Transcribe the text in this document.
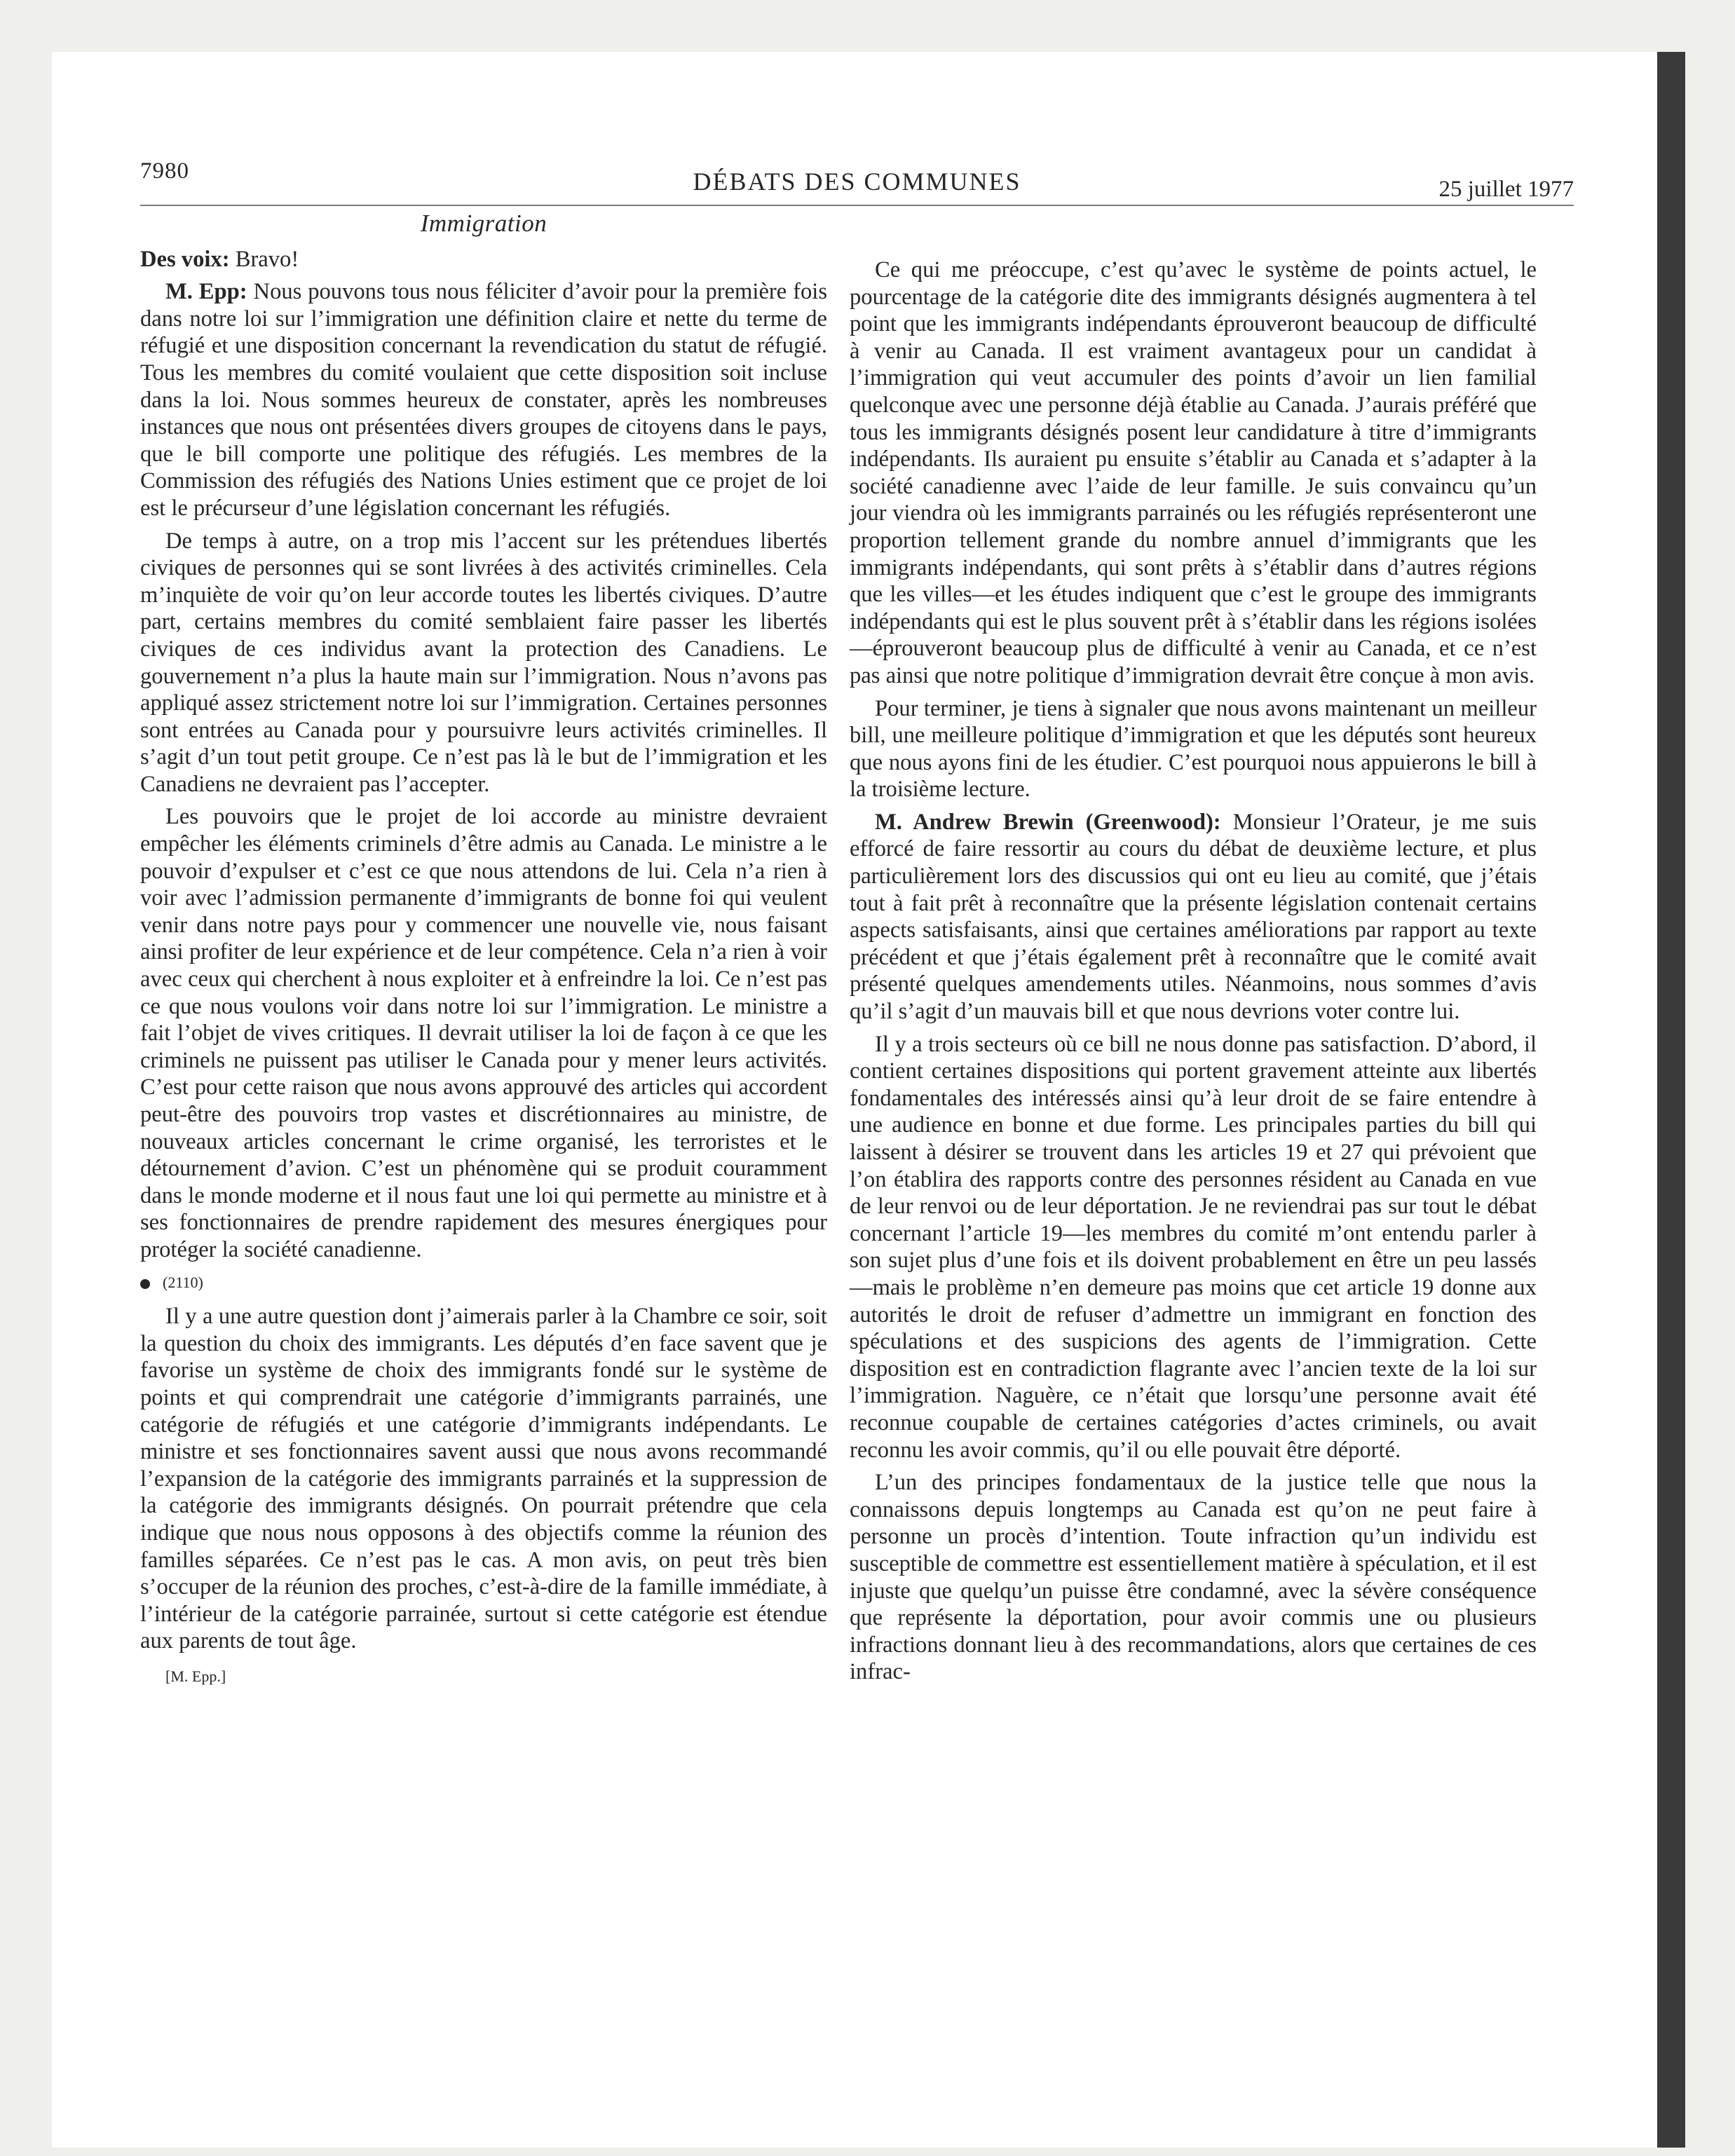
7980	DÉBATS DES COMMUNES	25 juillet 1977
Immigration

Des voix: Bravo!

M. Epp: Nous pouvons tous nous féliciter d’avoir pour la première fois dans notre loi sur l’immigration une définition claire et nette du terme de réfugié et une disposition concernant la revendication du statut de réfugié. Tous les membres du comité voulaient que cette disposition soit incluse dans la loi. Nous sommes heureux de constater, après les nombreuses instances que nous ont présentées divers groupes de citoyens dans le pays, que le bill comporte une politique des réfugiés. Les membres de la Commission des réfugiés des Nations Unies estiment que ce projet de loi est le précurseur d’une législation concernant les réfugiés.

De temps à autre, on a trop mis l’accent sur les prétendues libertés civiques de personnes qui se sont livrées à des activités criminelles. Cela m’inquiète de voir qu’on leur accorde toutes les libertés civiques. D’autre part, certains membres du comité semblaient faire passer les libertés civiques de ces individus avant la protection des Canadiens. Le gouvernement n’a plus la haute main sur l’immigration. Nous n’avons pas appliqué assez strictement notre loi sur l’immigration. Certaines personnes sont entrées au Canada pour y poursuivre leurs activités criminelles. Il s’agit d’un tout petit groupe. Ce n’est pas là le but de l’immigration et les Canadiens ne devraient pas l’accepter.

Les pouvoirs que le projet de loi accorde au ministre devraient empêcher les éléments criminels d’être admis au Canada. Le ministre a le pouvoir d’expulser et c’est ce que nous attendons de lui. Cela n’a rien à voir avec l’admission permanente d’immigrants de bonne foi qui veulent venir dans notre pays pour y commencer une nouvelle vie, nous faisant ainsi profiter de leur expérience et de leur compétence. Cela n’a rien à voir avec ceux qui cherchent à nous exploiter et à enfreindre la loi. Ce n’est pas ce que nous voulons voir dans notre loi sur l’immigration. Le ministre a fait l’objet de vives critiques. Il devrait utiliser la loi de façon à ce que les criminels ne puissent pas utiliser le Canada pour y mener leurs activités. C’est pour cette raison que nous avons approuvé des articles qui accordent peut-être des pouvoirs trop vastes et discrétionnaires au ministre, de nouveaux articles concernant le crime organisé, les terroristes et le détournement d’avion. C’est un phénomène qui se produit couramment dans le monde moderne et il nous faut une loi qui permette au ministre et à ses fonctionnaires de prendre rapidement des mesures énergiques pour protéger la société canadienne.

(2110)

Il y a une autre question dont j’aimerais parler à la Chambre ce soir, soit la question du choix des immigrants. Les députés d’en face savent que je favorise un système de choix des immigrants fondé sur le système de points et qui comprendrait une catégorie d’immigrants parrainés, une catégorie de réfugiés et une catégorie d’immigrants indépendants. Le ministre et ses fonctionnaires savent aussi que nous avons recommandé l’expansion de la catégorie des immigrants parrainés et la suppression de la catégorie des immigrants désignés. On pourrait prétendre que cela indique que nous nous opposons à des objectifs comme la réunion des familles séparées. Ce n’est pas le cas. A mon avis, on peut très bien s’occuper de la réunion des proches, c’est-à-dire de la famille immédiate, à l’intérieur de la catégorie parrainée, surtout si cette catégorie est étendue aux parents de tout âge.

[M. Epp.]

Ce qui me préoccupe, c’est qu’avec le système de points actuel, le pourcentage de la catégorie dite des immigrants désignés augmentera à tel point que les immigrants indépendants éprouveront beaucoup de difficulté à venir au Canada. Il est vraiment avantageux pour un candidat à l’immigration qui veut accumuler des points d’avoir un lien familial quelconque avec une personne déjà établie au Canada. J’aurais préféré que tous les immigrants désignés posent leur candidature à titre d’immigrants indépendants. Ils auraient pu ensuite s’établir au Canada et s’adapter à la société canadienne avec l’aide de leur famille. Je suis convaincu qu’un jour viendra où les immigrants parrainés ou les réfugiés représenteront une proportion tellement grande du nombre annuel d’immigrants que les immigrants indépendants, qui sont prêts à s’établir dans d’autres régions que les villes—et les études indiquent que c’est le groupe des immigrants indépendants qui est le plus souvent prêt à s’établir dans les régions isolées—éprouveront beaucoup plus de difficulté à venir au Canada, et ce n’est pas ainsi que notre politique d’immigration devrait être conçue à mon avis.

Pour terminer, je tiens à signaler que nous avons maintenant un meilleur bill, une meilleure politique d’immigration et que les députés sont heureux que nous ayons fini de les étudier. C’est pourquoi nous appuierons le bill à la troisième lecture.

M. Andrew Brewin (Greenwood): Monsieur l’Orateur, je me suis efforcé de faire ressortir au cours du débat de deuxième lecture, et plus particulièrement lors des discussios qui ont eu lieu au comité, que j’étais tout à fait prêt à reconnaître que la présente législation contenait certains aspects satisfaisants, ainsi que certaines améliorations par rapport au texte précédent et que j’étais également prêt à reconnaître que le comité avait présenté quelques amendements utiles. Néanmoins, nous sommes d’avis qu’il s’agit d’un mauvais bill et que nous devrions voter contre lui.

Il y a trois secteurs où ce bill ne nous donne pas satisfaction. D’abord, il contient certaines dispositions qui portent gravement atteinte aux libertés fondamentales des intéressés ainsi qu’à leur droit de se faire entendre à une audience en bonne et due forme. Les principales parties du bill qui laissent à désirer se trouvent dans les articles 19 et 27 qui prévoient que l’on établira des rapports contre des personnes résident au Canada en vue de leur renvoi ou de leur déportation. Je ne reviendrai pas sur tout le débat concernant l’article 19—les membres du comité m’ont entendu parler à son sujet plus d’une fois et ils doivent probablement en être un peu lassés—mais le problème n’en demeure pas moins que cet article 19 donne aux autorités le droit de refuser d’admettre un immigrant en fonction des spéculations et des suspicions des agents de l’immigration. Cette disposition est en contradiction flagrante avec l’ancien texte de la loi sur l’immigration. Naguère, ce n’était que lorsqu’une personne avait été reconnue coupable de certaines catégories d’actes criminels, ou avait reconnu les avoir commis, qu’il ou elle pouvait être déporté.

L’un des principes fondamentaux de la justice telle que nous la connaissons depuis longtemps au Canada est qu’on ne peut faire à personne un procès d’intention. Toute infraction qu’un individu est susceptible de commettre est essentiellement matière à spéculation, et il est injuste que quelqu’un puisse être condamné, avec la sévère conséquence que représente la déportation, pour avoir commis une ou plusieurs infractions donnant lieu à des recommandations, alors que certaines de ces infrac-
